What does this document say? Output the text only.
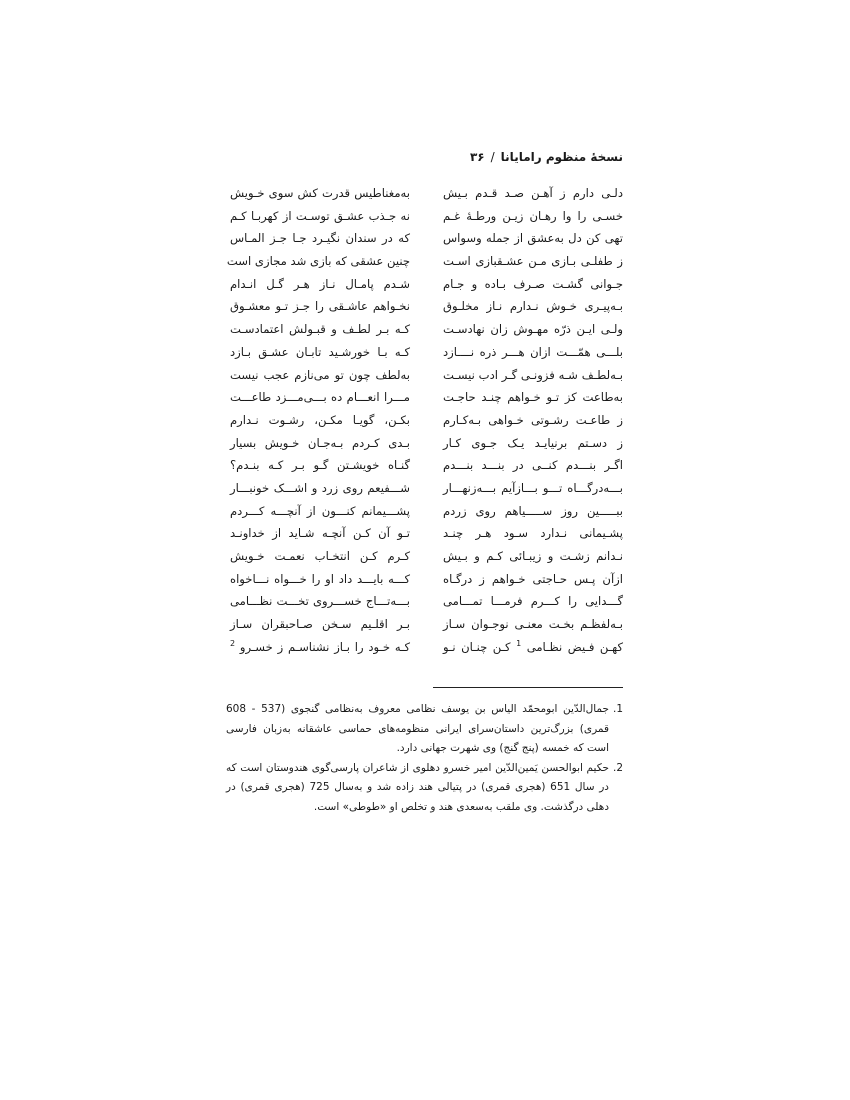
نسخهٔ منظوم رامایانا/۳۶
دلـی دارم ز آهـن صـد قـدم بـیش
خسـی را وا رهـان زیـن ورطـهٔ غـم
تهی کن دل به‌عشق از جمله وسواس
ز طفلـی بـازی مـن عشـقبازی اسـت
جـوانی گشـت صـرف بـاده و جـام
بـه‌پیـری خـوش نـدارم نـاز مخلـوق
ولـی ایـن ذرّه مهـوش زان نهادسـت
بلـــی همّـــت ازان هـــر ذره نــــازد
بـه‌لطـف شـه فزونـی گـر ادب نیسـت
به‌طاعت کز تـو خـواهم چنـد حاجـت
ز طاعـت رشـوتی خـواهی بـه‌کـارم
ز دسـتم برنیایـد یـک جـوی کـار
اگـر بنـــدم کنــی در بنـــد بنـــدم
بـــه‌درگـــاه تـــو بـــازآیم بـــه‌زنهـــار
ببـــــین روز ســـــیاهم روی زردم
پشـیمانی نـدارد سـود هـر چنـد
نـدانم زشـت و زیبـائی کـم و بـیش
ازآن پـس حـاجتی خـواهم ز درگـاه
گـــدایی را کـــرم فرمـــا تمـــامی
بـه‌لفظـم بخـت معنـی نوجـوان سـاز
کهـن فـیض نظـامی $^1$ کـن چنـان نـو
به‌مغناطیس قدرت کش سوی خـویش
نه جـذب عشـق توسـت از کهربـا کـم
که در سندان نگیـرد جـا جـز المـاس
چنین عشقی که بازی شد مجازی است
شـدم پامـال نـاز هـر گـل انـدام
نخـواهم عاشـقی را جـز تـو معشـوق
کـه بـر لطـف و قبـولش اعتمادسـت
کـه بـا خورشـید تابـان عشـق بـازد
به‌لطف چون تو می‌نازم عجب نیست
مـــرا انعـــام ده بـــی‌مـــزد طاعـــت
بکـن، گویـا مکـن، رشـوت نـدارم
بـدی کـردم بـه‌جـان خـویش بسیار
گنـاه خویشـتن گـو بـر کـه بنـدم؟
شـــفیعم روی زرد و اشـــک خونبـــار
پشـــیمانم کنـــون از آنچـــه کـــردم
تـو آن کـن آنچـه شـاید از خداونـد
کـرم کـن انتخـاب نعمـت خـویش
کـــه بایـــد داد او را خـــواه نـــاخواه
بـــه‌تـــاج خســـروی تخـــت نظـــامی
بـر اقلـیم سـخن صـاحبقران سـاز
کـه خـود را بـاز نشناسـم ز خسـرو $^2$
1.
جمال‌الدّین ابومحمّد الیاس بن یوسف نظامی معروف به‌نظامی گنجوی (537 - 608 قمری) بزرگ‌ترین داستان‌سرای ایرانی منظومه‌های حماسی عاشقانه به‌زبان فارسی است که خمسه (پنج گنج) وی شهرت جهانی دارد.
2.
حکیم ابوالحسن یَمین‌الدّین امیر خسرو دهلوی از شاعران پارسی‌گوی هندوستان است که در سال 651 (هجری قمری) در پتیالی هند زاده شد و به‌سال 725 (هجری قمری) در دهلی درگذشت. وی ملقب به‌سعدی هند و تخلص او «طوطی» است.
